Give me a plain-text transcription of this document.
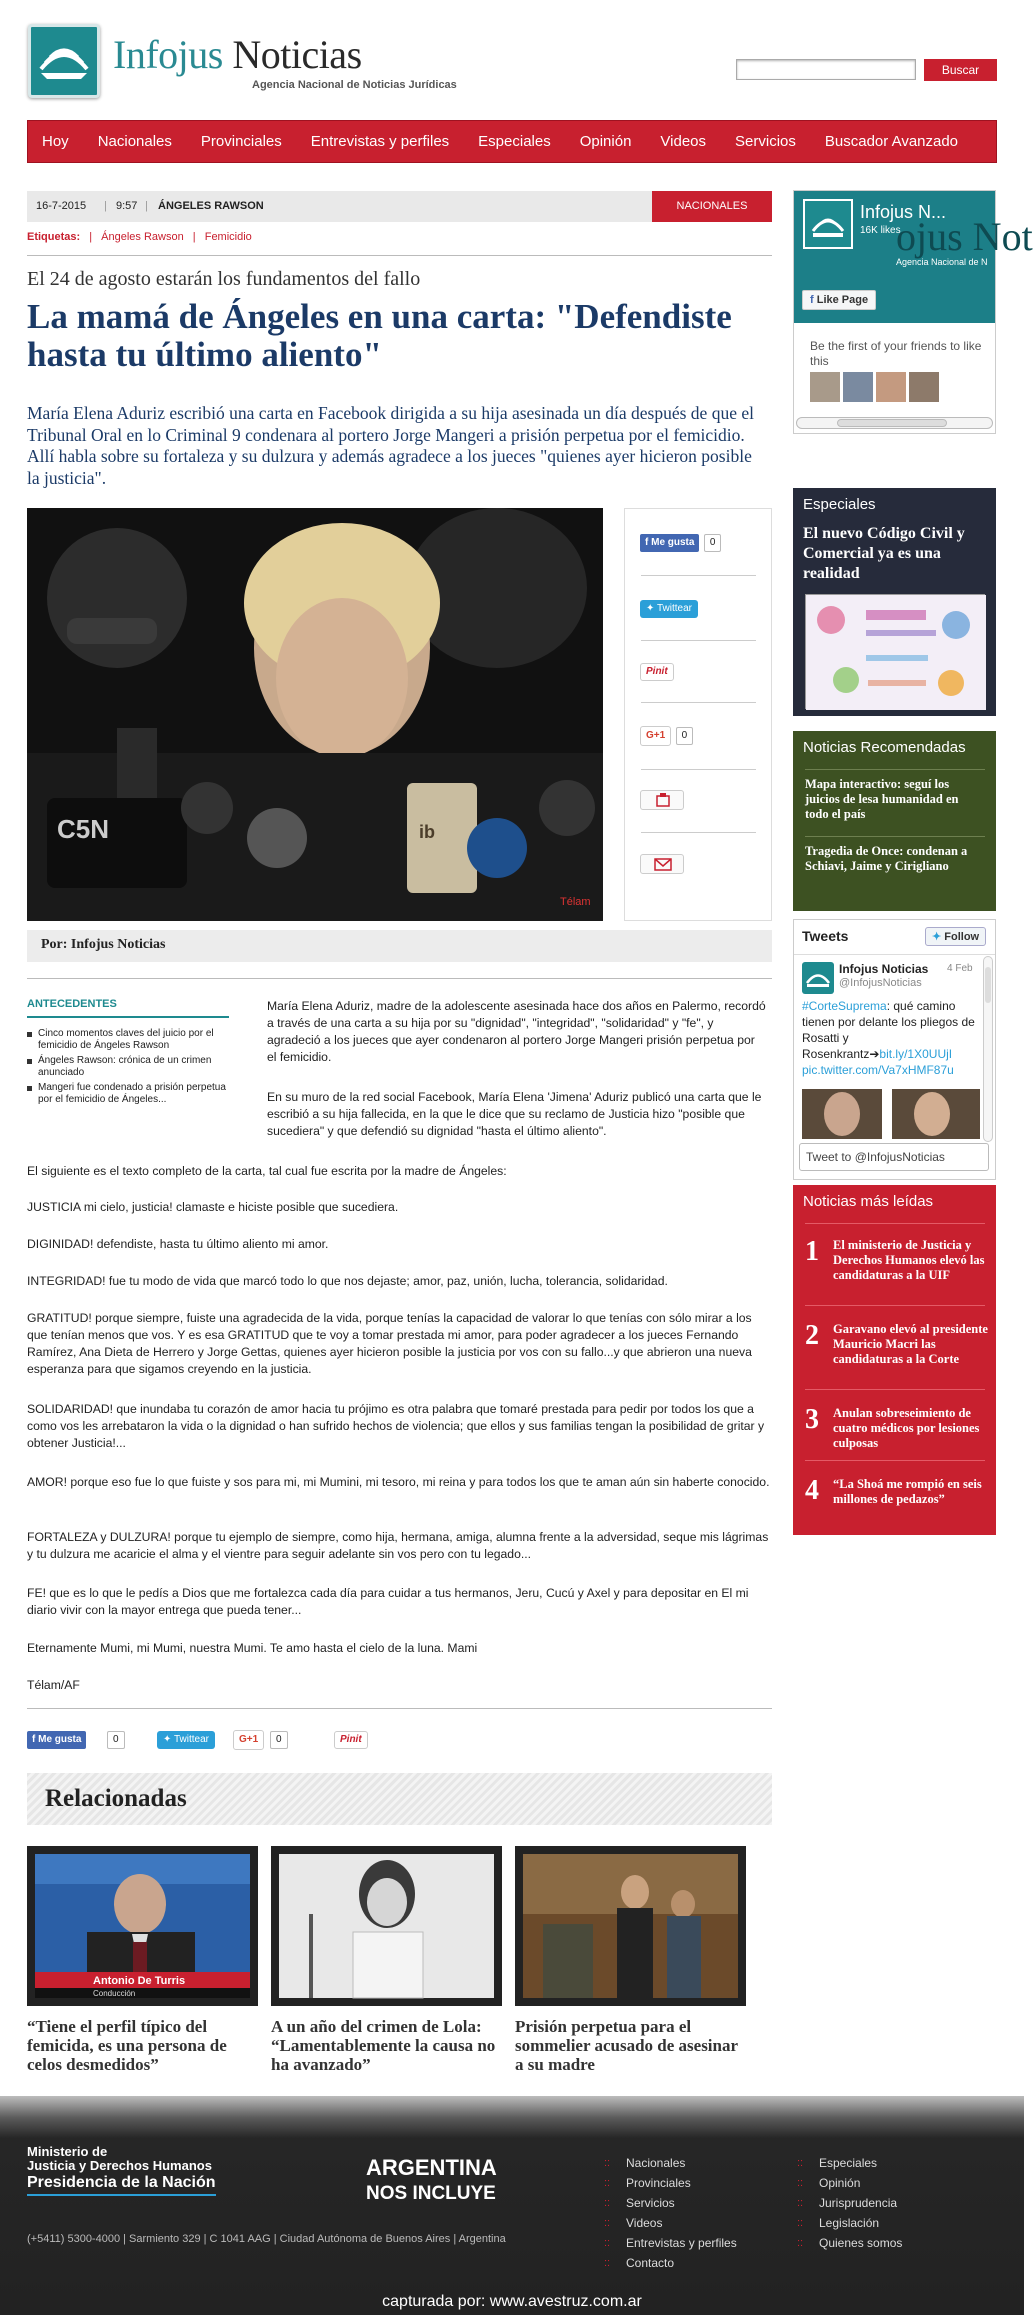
Infojus Noticias
Agencia Nacional de Noticias Jurídicas
Buscar
Hoy Nacionales Provinciales Entrevistas y perfiles Especiales Opinión Videos Servicios Buscador Avanzado
16-7-2015 | 9:57 | ÁNGELES RAWSON	NACIONALES
Etiquetas: | Ángeles Rawson | Femicidio
El 24 de agosto estarán los fundamentos del fallo
La mamá de Ángeles en una carta: "Defendiste hasta tu último aliento"

María Elena Aduriz escribió una carta en Facebook dirigida a su hija asesinada un día después de que el Tribunal Oral en lo Criminal 9 condenara al portero Jorge Mangeri a prisión perpetua por el femicidio. Allí habla sobre su fortaleza y su dulzura y además agradece a los jueces "quienes ayer hicieron posible la justicia".

C5N	ib
Télam
f Me gusta 0
✦ Twittear
Pinit
G+1 0
Por: Infojus Noticias
ANTECEDENTES
Cinco momentos claves del juicio por el femicidio de Ángeles Rawson
Ángeles Rawson: crónica de un crimen anunciado
Mangeri fue condenado a prisión perpetua por el femicidio de Ángeles...

María Elena Aduriz, madre de la adolescente asesinada hace dos años en Palermo, recordó a través de una carta a su hija por su "dignidad", "integridad", "solidaridad" y "fe", y agradeció a los jueces que ayer condenaron al portero Jorge Mangeri prisión perpetua por el femicidio.

En su muro de la red social Facebook, María Elena 'Jimena' Aduriz publicó una carta que le escribió a su hija fallecida, en la que le dice que su reclamo de Justicia hizo "posible que sucediera" y que defendió su dignidad "hasta el último aliento".

El siguiente es el texto completo de la carta, tal cual fue escrita por la madre de Ángeles:

JUSTICIA mi cielo, justicia! clamaste e hiciste posible que sucediera.

DIGINIDAD! defendiste, hasta tu último aliento mi amor.

INTEGRIDAD! fue tu modo de vida que marcó todo lo que nos dejaste; amor, paz, unión, lucha, tolerancia, solidaridad.

GRATITUD! porque siempre, fuiste una agradecida de la vida, porque tenías la capacidad de valorar lo que tenías con sólo mirar a los que tenían menos que vos. Y es esa GRATITUD que te voy a tomar prestada mi amor, para poder agradecer a los jueces Fernando Ramírez, Ana Dieta de Herrero y Jorge Gettas, quienes ayer hicieron posible la justicia por vos con su fallo...y que abrieron una nueva esperanza para que sigamos creyendo en la justicia.

SOLIDARIDAD! que inundaba tu corazón de amor hacia tu prójimo es otra palabra que tomaré prestada para pedir por todos los que a como vos les arrebataron la vida o la dignidad o han sufrido hechos de violencia; que ellos y sus familias tengan la posibilidad de gritar y obtener Justicia!...

AMOR! porque eso fue lo que fuiste y sos para mi, mi Mumini, mi tesoro, mi reina y para todos los que te aman aún sin haberte conocido.

FORTALEZA y DULZURA! porque tu ejemplo de siempre, como hija, hermana, amiga, alumna frente a la adversidad, seque mis lágrimas y tu dulzura me acaricie el alma y el vientre para seguir adelante sin vos pero con tu legado...

FE! que es lo que le pedís a Dios que me fortalezca cada día para cuidar a tus hermanos, Jeru, Cucú y Axel y para depositar en El mi diario vivir con la mayor entrega que pueda tener...

Eternamente Mumi, mi Mumi, nuestra Mumi. Te amo hasta el cielo de la luna. Mami

Télam/AF

f Me gusta	0	✦ Twittear	G+1	0	Pinit
Relacionadas
Antonio De Turris
Conducción
“Tiene el perfil típico del femicida, es una persona de celos desmedidos”
A un año del crimen de Lola: “Lamentablemente la causa no ha avanzado”
Prisión perpetua para el sommelier acusado de asesinar a su madre
Ministerio de
Justicia y Derechos Humanos
Presidencia de la Nación
ARGENTINA
NOS INCLUYE
(+5411) 5300-4000 | Sarmiento 329 | C 1041 AAG | Ciudad Autónoma de Buenos Aires | Argentina
:: Nacionales
:: Provinciales
:: Servicios
:: Videos
:: Entrevistas y perfiles
:: Contacto
:: Especiales
:: Opinión
:: Jurisprudencia
:: Legislación
:: Quienes somos
capturada por: www.avestruz.com.ar
ojus Not
Agencia Nacional de N
Infojus N...
16K likes
f Like Page
Be the first of your friends to like this
Especiales
El nuevo Código Civil y Comercial ya es una realidad
Noticias Recomendadas
Mapa interactivo: seguí los juicios de lesa humanidad en todo el país
Tragedia de Once: condenan a Schiavi, Jaime y Cirigliano
Tweets	✦ Follow
Infojus Noticias 4 Feb
@InfojusNoticias
#CorteSuprema: qué camino tienen por delante los pliegos de Rosatti y Rosenkrantz➔bit.ly/1X0UUjI pic.twitter.com/Va7xHMF87u
Tweet to @InfojusNoticias
Noticias más leídas
1 El ministerio de Justicia y Derechos Humanos elevó las candidaturas a la UIF
2 Garavano elevó al presidente Mauricio Macri las candidaturas a la Corte
3 Anulan sobreseimiento de cuatro médicos por lesiones culposas
4 “La Shoá me rompió en seis millones de pedazos”
